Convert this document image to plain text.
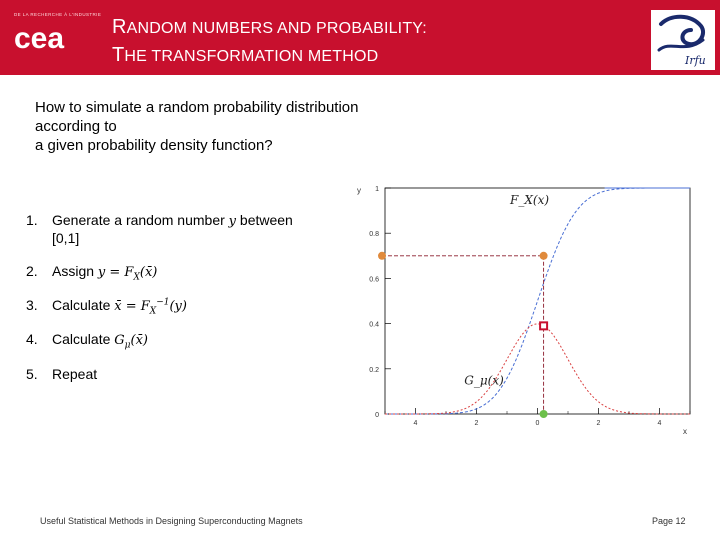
DE LA RECHERCHE À L'INDUSTRIE
cea RANDOM NUMBERS AND PROBABILITY:
THE TRANSFORMATION METHOD	Irfu
How to simulate a random probability distribution
according to
a given probability density function?
1. Generate a random number y between
[0,1]
2. Assign $y = F_X(x̄)$
3. Calculate x̄ = $F_X^{-1}(y)$
4. Calculate $G_\mu(x̄)$
5. Repeat
0
0.2
0.4
0.6
0.8
1
4	2	0	2	4
x
y
F_X(x)
G_μ(x)
Useful Statistical Methods in Designing Superconducting Magnets	Page 12
